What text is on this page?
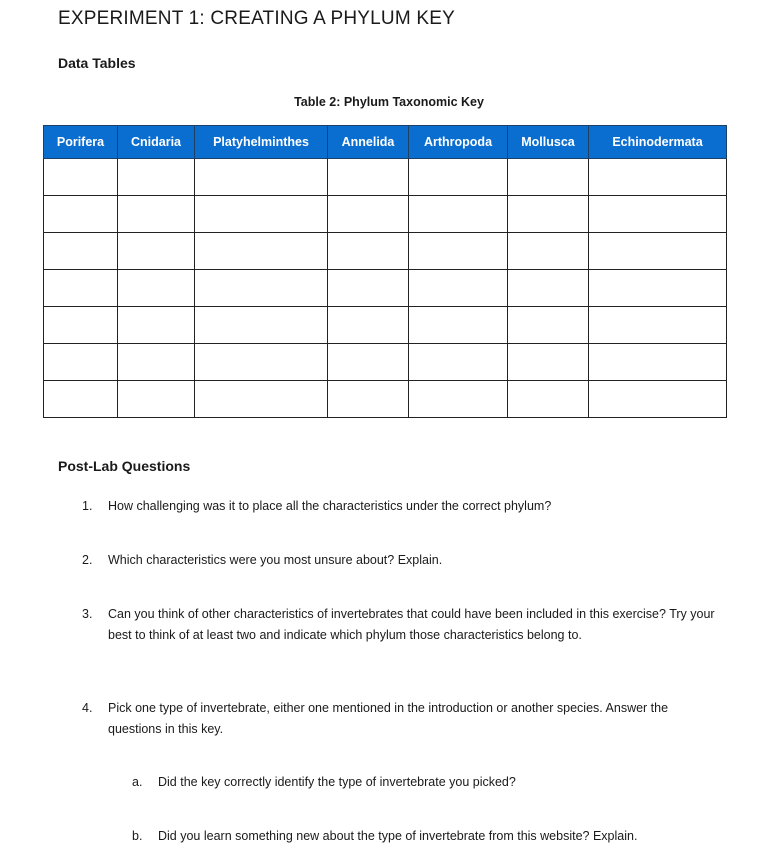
EXPERIMENT 1: CREATING A PHYLUM KEY
Data Tables

Table 2: Phylum Taxonomic Key

Porifera	Cnidaria	Platyhelminthes	Annelida	Arthropoda	Mollusca	Echinodermata

Post-Lab Questions
1. How challenging was it to place all the characteristics under the correct phylum?
2. Which characteristics were you most unsure about? Explain.
3. Can you think of other characteristics of invertebrates that could have been included in this exercise? Try your best to think of at least two and indicate which phylum those characteristics belong to.
4. Pick one type of invertebrate, either one mentioned in the introduction or another species. Answer the questions in this key.
a. Did the key correctly identify the type of invertebrate you picked?
b. Did you learn something new about the type of invertebrate from this website? Explain.
